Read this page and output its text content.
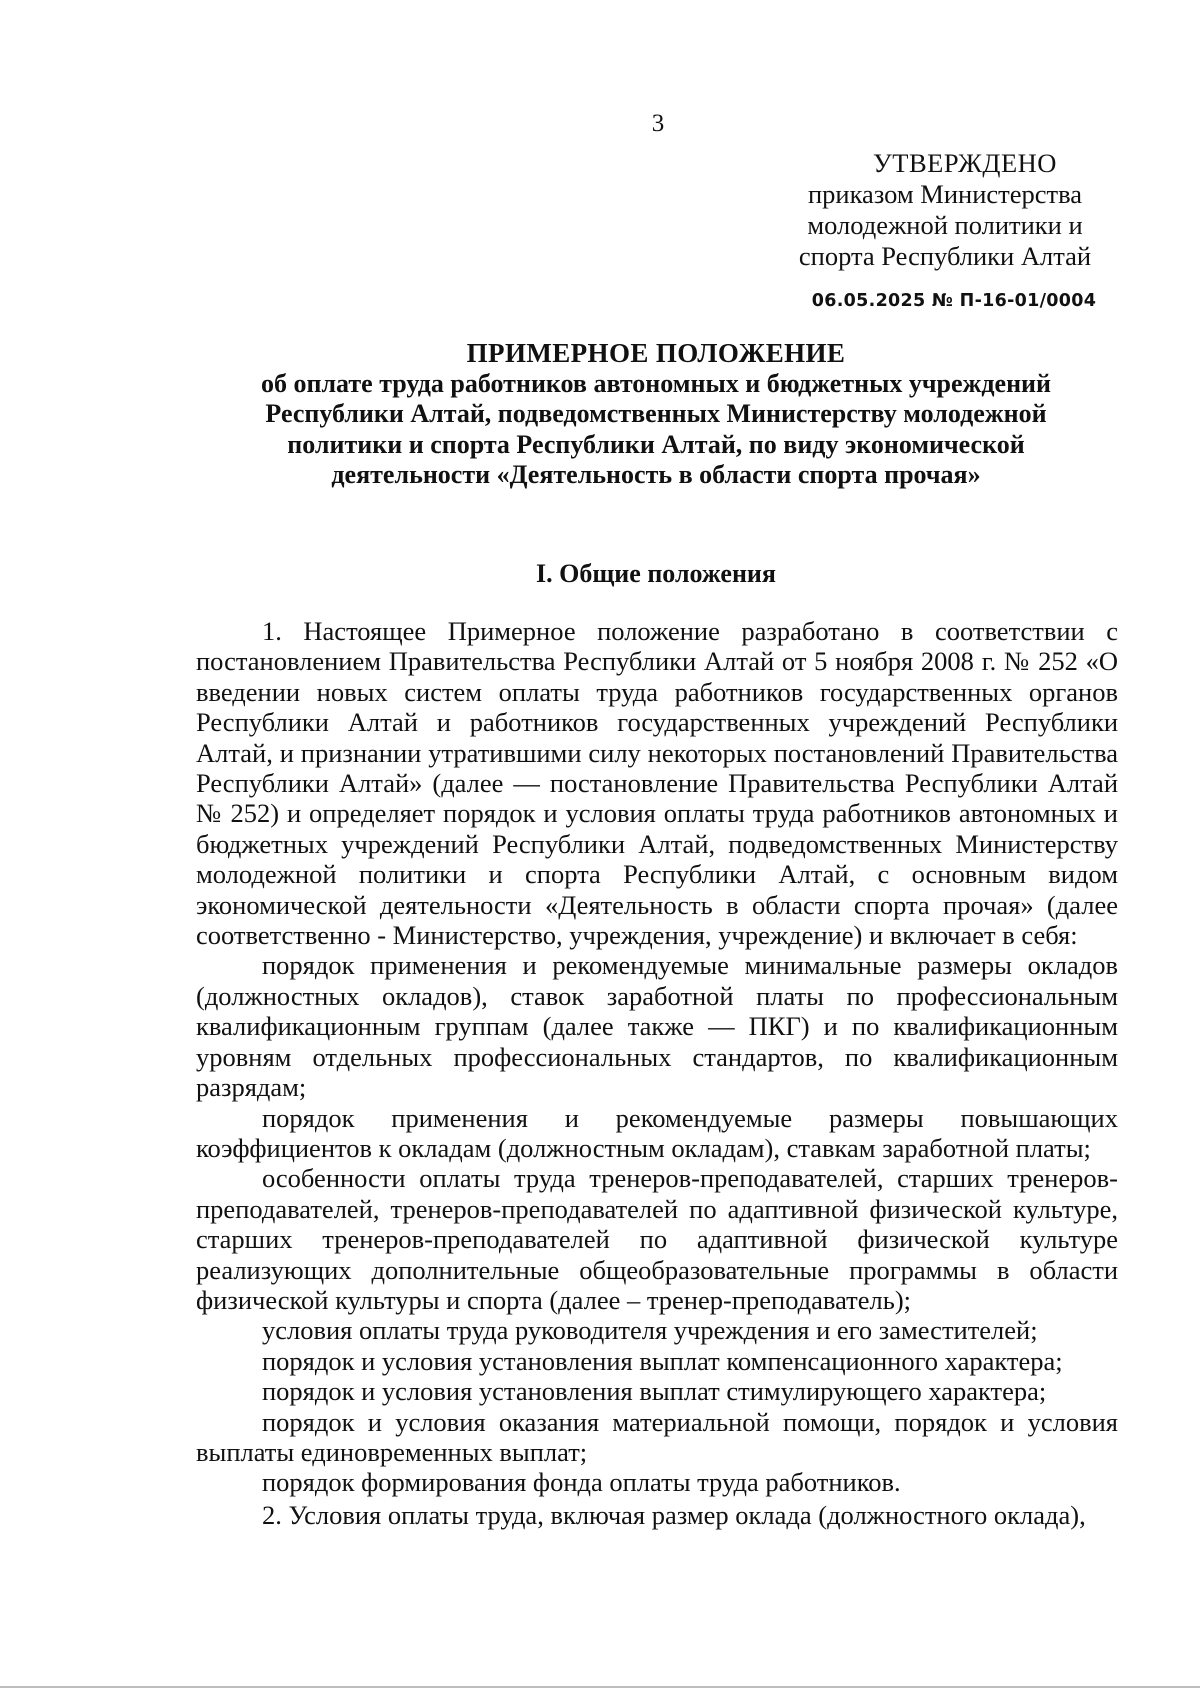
3
УТВЕРЖДЕНО
приказом Министерства
молодежной политики и
спорта Республики Алтай
06.05.2025 № П-16-01/0004
ПРИМЕРНОЕ ПОЛОЖЕНИЕ
об оплате труда работников автономных и бюджетных учреждений
Республики Алтай, подведомственных Министерству молодежной
политики и спорта Республики Алтай, по виду экономической
деятельности «Деятельность в области спорта прочая»
I. Общие положения

1. Настоящее Примерное положение разработано в соответствии с постановлением Правительства Республики Алтай от 5 ноября 2008 г. № 252 «О введении новых систем оплаты труда работников государственных органов Республики Алтай и работников государственных учреждений Республики Алтай, и признании утратившими силу некоторых постановлений Правительства Республики Алтай» (далее — постановление Правительства Республики Алтай № 252) и определяет порядок и условия оплаты труда работников автономных и бюджетных учреждений Республики Алтай, подведомственных Министерству молодежной политики и спорта Республики Алтай, с основным видом экономической деятельности «Деятельность в области спорта прочая» (далее соответственно - Министерство, учреждения, учреждение) и включает в себя:

порядок применения и рекомендуемые минимальные размеры окладов (должностных окладов), ставок заработной платы по профессиональным квалификационным группам (далее также — ПКГ) и по квалификационным уровням отдельных профессиональных стандартов, по квалификационным разрядам;

порядок применения и рекомендуемые размеры повышающих коэффициентов к окладам (должностным окладам), ставкам заработной платы;

особенности оплаты труда тренеров-преподавателей, старших тренеров-преподавателей, тренеров-преподавателей по адаптивной физической культуре, старших тренеров-преподавателей по адаптивной физической культуре реализующих дополнительные общеобразовательные программы в области физической культуры и спорта (далее – тренер-преподаватель);

условия оплаты труда руководителя учреждения и его заместителей;

порядок и условия установления выплат компенсационного характера;

порядок и условия установления выплат стимулирующего характера;

порядок и условия оказания материальной помощи, порядок и условия выплаты единовременных выплат;

порядок формирования фонда оплаты труда работников.

2. Условия оплаты труда, включая размер оклада (должностного оклада),
